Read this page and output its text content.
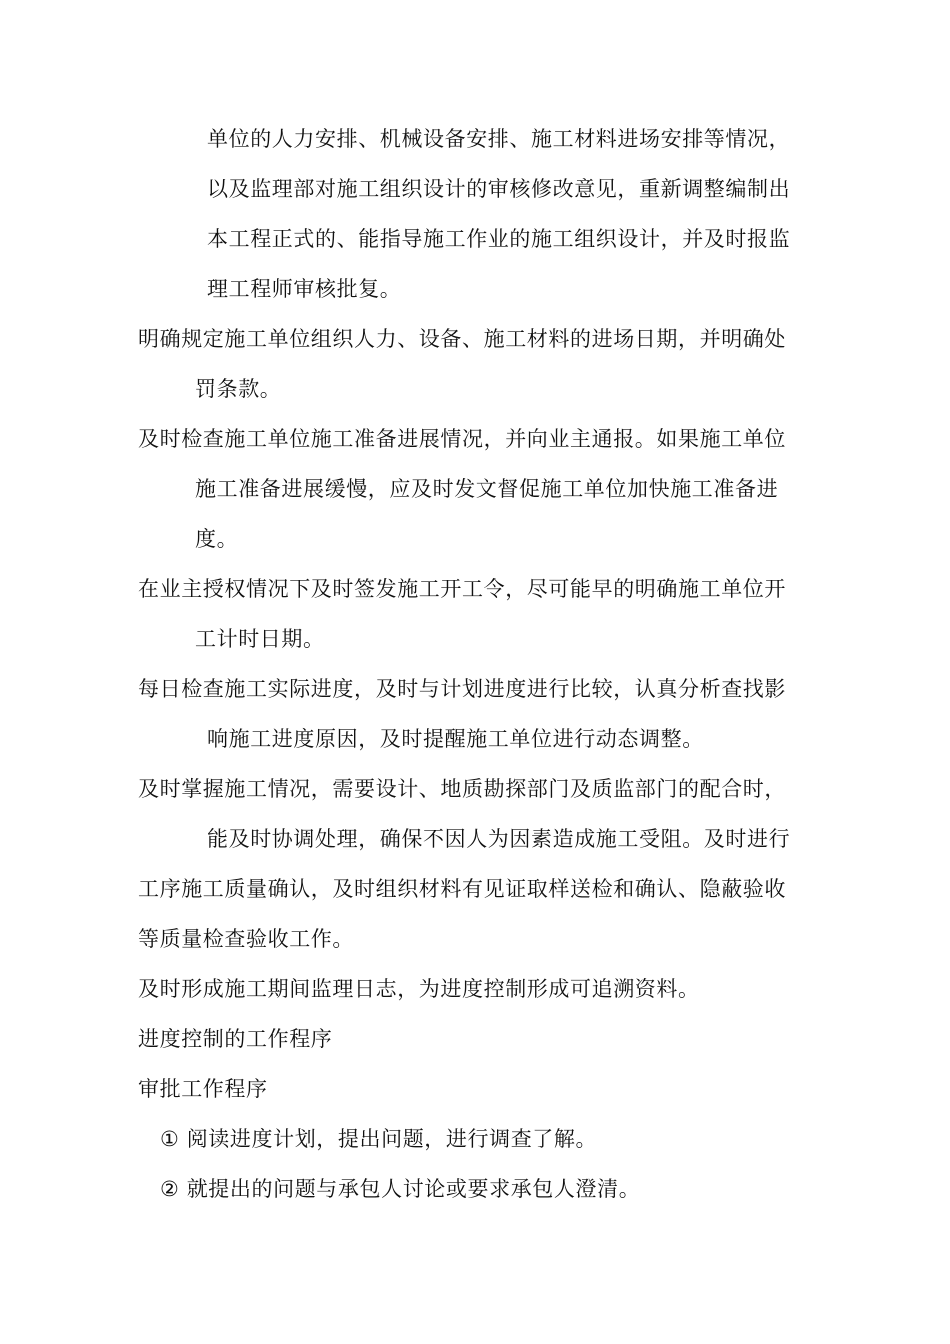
单位的人力安排、机械设备安排、施工材料进场安排等情况，
以及监理部对施工组织设计的审核修改意见，重新调整编制出
本工程正式的、能指导施工作业的施工组织设计，并及时报监
理工程师审核批复。
明确规定施工单位组织人力、设备、施工材料的进场日期，并明确处
罚条款。
及时检查施工单位施工准备进展情况，并向业主通报。如果施工单位
施工准备进展缓慢，应及时发文督促施工单位加快施工准备进
度。
在业主授权情况下及时签发施工开工令，尽可能早的明确施工单位开
工计时日期。
每日检查施工实际进度，及时与计划进度进行比较，认真分析查找影
响施工进度原因，及时提醒施工单位进行动态调整。
及时掌握施工情况，需要设计、地质勘探部门及质监部门的配合时，
能及时协调处理，确保不因人为因素造成施工受阻。及时进行
工序施工质量确认，及时组织材料有见证取样送检和确认、隐蔽验收
等质量检查验收工作。
及时形成施工期间监理日志，为进度控制形成可追溯资料。
进度控制的工作程序
审批工作程序
① 阅读进度计划，提出问题，进行调查了解。
② 就提出的问题与承包人讨论或要求承包人澄清。
